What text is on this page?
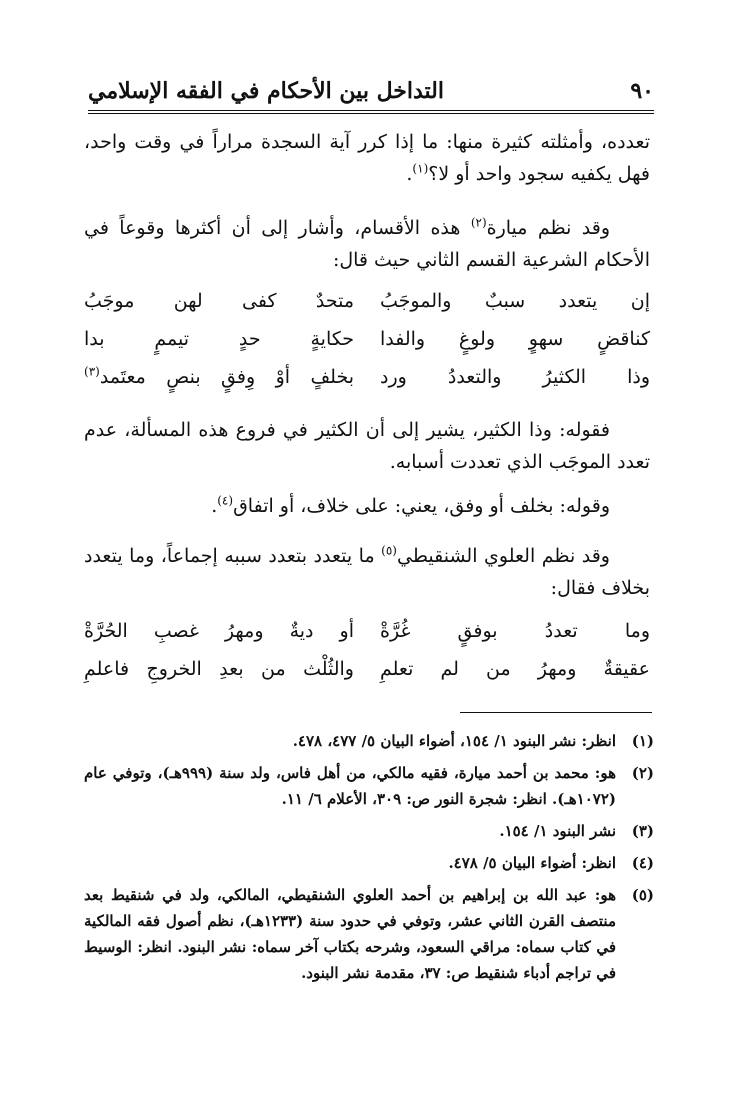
٩٠
التداخل بين الأحكام في الفقه الإسلامي
تعدده، وأمثلته كثيرة منها: ما إذا كرر آية السجدة مراراً في وقت واحد، فهل يكفيه سجود واحد أو لا؟$^{(١)}$.
وقد نظم ميارة$^{(٢)}$ هذه الأقسام، وأشار إلى أن أكثرها وقوعاً في الأحكام الشرعية القسم الثاني حيث قال:
إن يتعدد سببٌ والموجَبُ
متحدٌ كفى لهن موجَبُ
كناقضٍ سهوٍ ولوغٍ والفدا
حكايةٍ حدٍ تيممٍ بدا
وذا الكثيرُ والتعددُ ورد
بخلفٍ أوْ وِفقٍ بنصٍ معتَمد$^{(٣)}$
فقوله: وذا الكثير، يشير إلى أن الكثير في فروع هذه المسألة، عدم تعدد الموجَب الذي تعددت أسبابه.
وقوله: بخلف أو وفق، يعني: على خلاف، أو اتفاق$^{(٤)}$.
وقد نظم العلوي الشنقيطي$^{(٥)}$ ما يتعدد بتعدد سببه إجماعاً، وما يتعدد بخلاف فقال:
وما تعددُ بوفقٍ غُرَّةْ
أو ديةٌ ومهرُ غصبِ الحُرَّةْ
عقيقةٌ ومهرُ من لم تعلمِ
والثُلْث من بعدِ الخروجِ فاعلمِ
(١)
انظر: نشر البنود ١/ ١٥٤، أضواء البيان ٥/ ٤٧٧، ٤٧٨.
(٢)
هو: محمد بن أحمد ميارة، فقيه مالكي، من أهل فاس، ولد سنة (٩٩٩هـ)، وتوفي عام (١٠٧٢هـ). انظر: شجرة النور ص: ٣٠٩، الأعلام ٦/ ١١.
(٣)
نشر البنود ١/ ١٥٤.
(٤)
انظر: أضواء البيان ٥/ ٤٧٨.
(٥)
هو: عبد الله بن إبراهيم بن أحمد العلوي الشنقيطي، المالكي، ولد في شنقيط بعد منتصف القرن الثاني عشر، وتوفي في حدود سنة (١٢٣٣هـ)، نظم أصول فقه المالكية في كتاب سماه: مراقي السعود، وشرحه بكتاب آخر سماه: نشر البنود. انظر: الوسيط في تراجم أدباء شنقيط ص: ٣٧، مقدمة نشر البنود.
